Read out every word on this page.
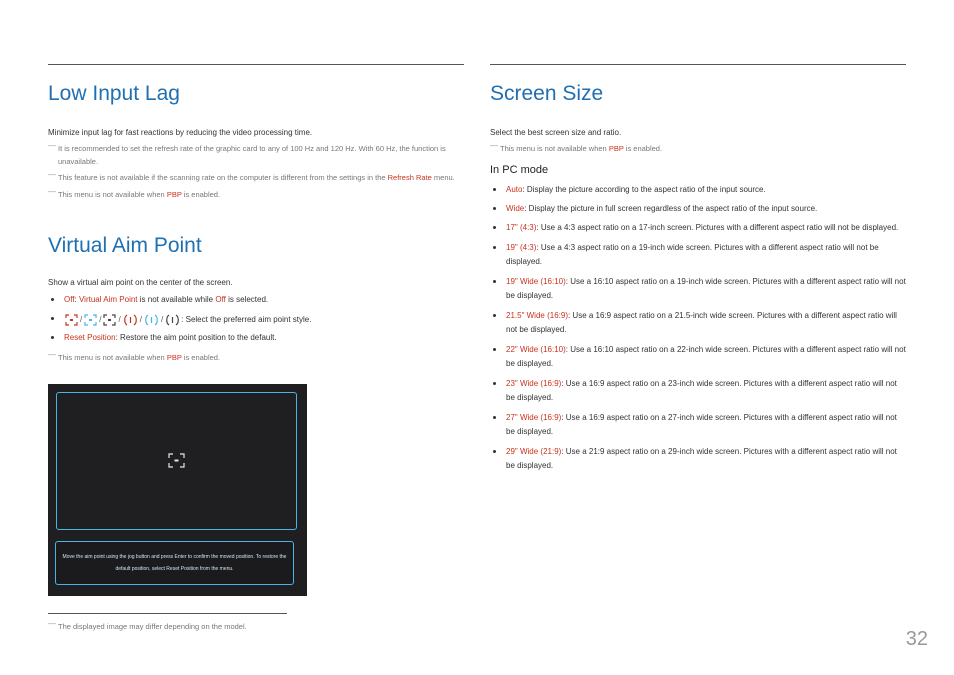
Low Input Lag

Minimize input lag for fast reactions by reducing the video processing time.

— It is recommended to set the refresh rate of the graphic card to any of 100 Hz and 120 Hz. With 60 Hz, the function is unavailable.

— This feature is not available if the scanning rate on the computer is different from the settings in the Refresh Rate menu.

— This menu is not available when PBP is enabled.

Virtual Aim Point

Show a virtual aim point on the center of the screen.

Off: Virtual Aim Point is not available while Off is selected.
/ / / / / : Select the preferred aim point style.
Reset Position: Restore the aim point position to the default.

— This menu is not available when PBP is enabled.

Move the aim point using the jog button and press Enter to confirm the moved position. To restore the default position, select Reset Position from the menu.
Screen Size

Select the best screen size and ratio.

— This menu is not available when PBP is enabled.

In PC mode

Auto: Display the picture according to the aspect ratio of the input source.
Wide: Display the picture in full screen regardless of the aspect ratio of the input source.
17" (4:3): Use a 4:3 aspect ratio on a 17-inch screen. Pictures with a different aspect ratio will not be displayed.
19" (4:3): Use a 4:3 aspect ratio on a 19-inch wide screen. Pictures with a different aspect ratio will not be displayed.
19" Wide (16:10): Use a 16:10 aspect ratio on a 19-inch wide screen. Pictures with a different aspect ratio will not be displayed.
21.5" Wide (16:9): Use a 16:9 aspect ratio on a 21.5-inch wide screen. Pictures with a different aspect ratio will not be displayed.
22" Wide (16:10): Use a 16:10 aspect ratio on a 22-inch wide screen. Pictures with a different aspect ratio will not be displayed.
23" Wide (16:9): Use a 16:9 aspect ratio on a 23-inch wide screen. Pictures with a different aspect ratio will not be displayed.
27" Wide (16:9): Use a 16:9 aspect ratio on a 27-inch wide screen. Pictures with a different aspect ratio will not be displayed.
29" Wide (21:9): Use a 21:9 aspect ratio on a 29-inch wide screen. Pictures with a different aspect ratio will not be displayed.

— The displayed image may differ depending on the model.

32
